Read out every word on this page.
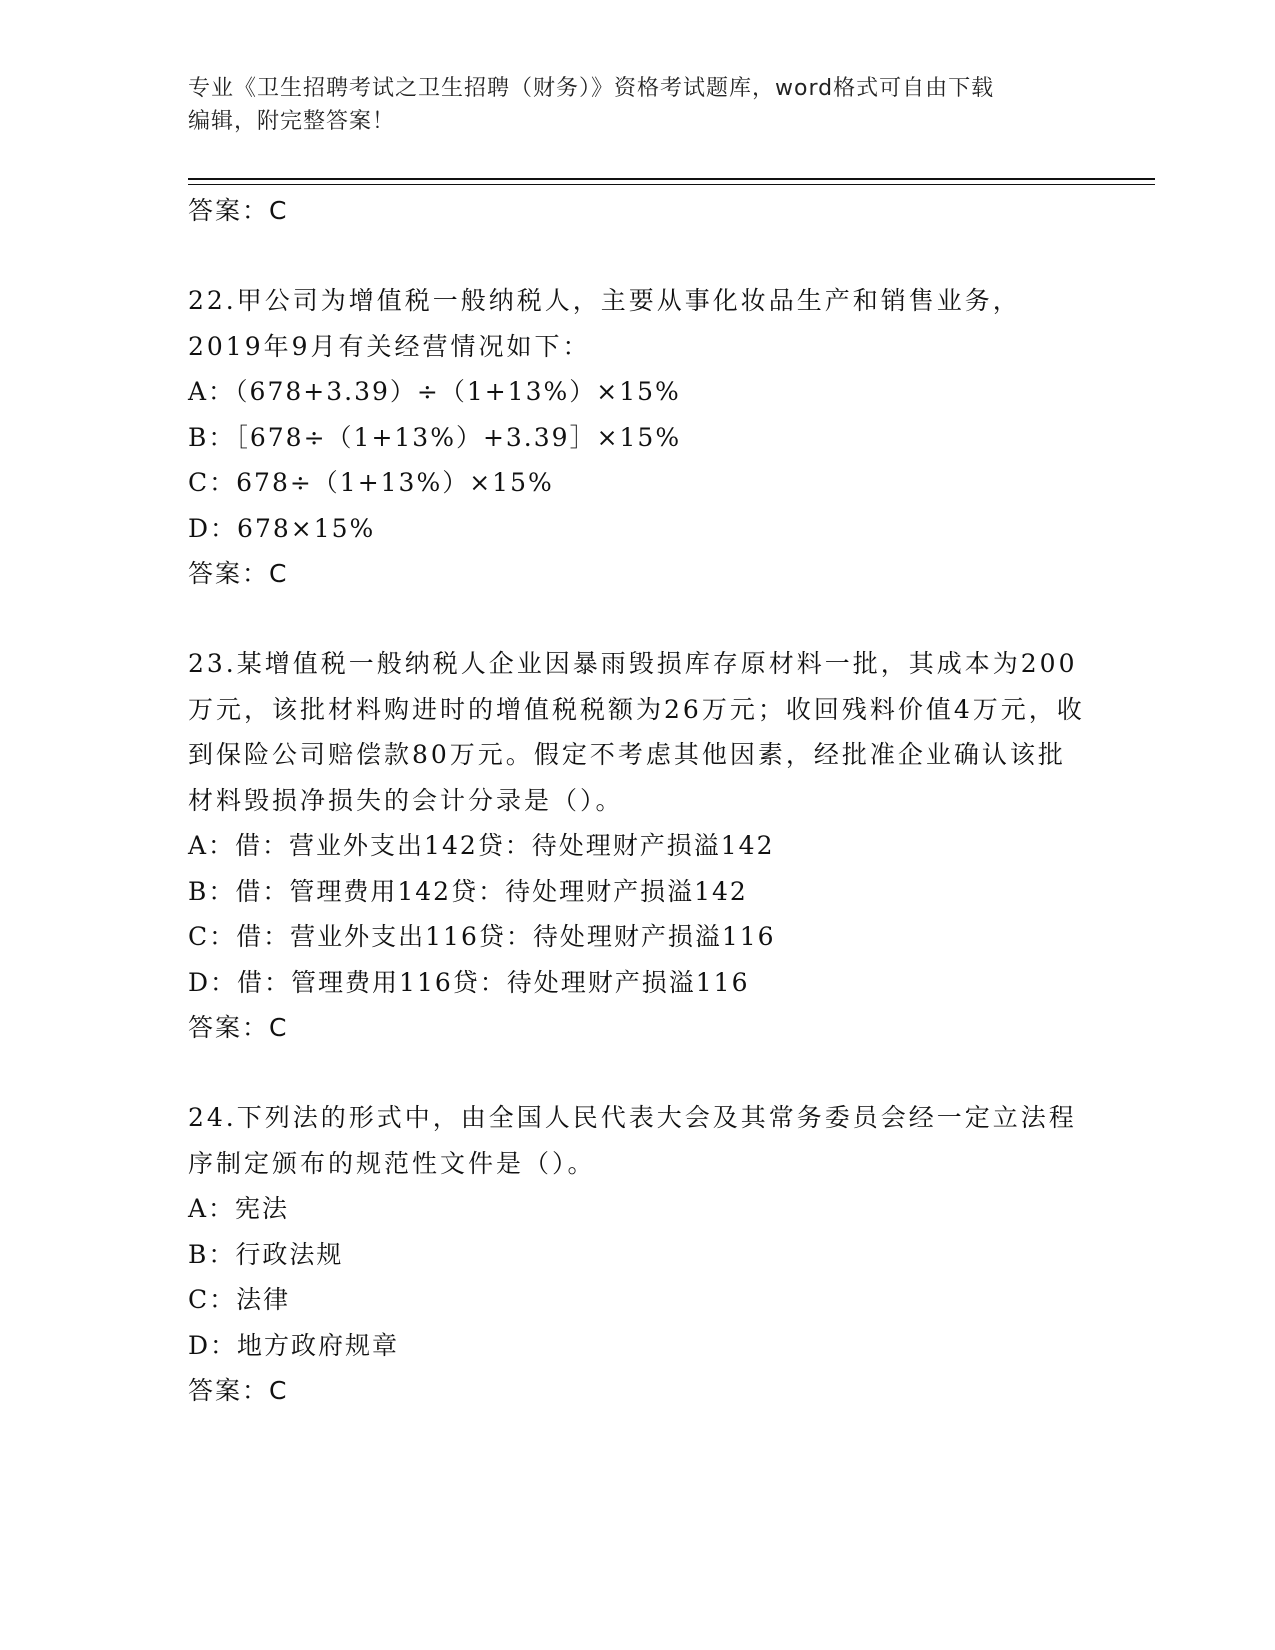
专业《卫生招聘考试之卫生招聘（财务）》资格考试题库，word格式可自由下载
编辑，附完整答案！
答案：C
22.甲公司为增值税一般纳税人，主要从事化妆品生产和销售业务，2019年9月有关经营情况如下：
A：（678+3.39）÷（1+13%）×15%
B：［678÷（1+13%）+3.39］×15%
C：678÷（1+13%）×15%
D：678×15%
答案：C
23.某增值税一般纳税人企业因暴雨毁损库存原材料一批，其成本为200万元，该批材料购进时的增值税税额为26万元；收回残料价值4万元，收到保险公司赔偿款80万元。假定不考虑其他因素，经批准企业确认该批材料毁损净损失的会计分录是（）。
A：借：营业外支出142贷：待处理财产损溢142
B：借：管理费用142贷：待处理财产损溢142
C：借：营业外支出116贷：待处理财产损溢116
D：借：管理费用116贷：待处理财产损溢116
答案：C
24.下列法的形式中，由全国人民代表大会及其常务委员会经一定立法程序制定颁布的规范性文件是（）。
A：宪法
B：行政法规
C：法律
D：地方政府规章
答案：C
